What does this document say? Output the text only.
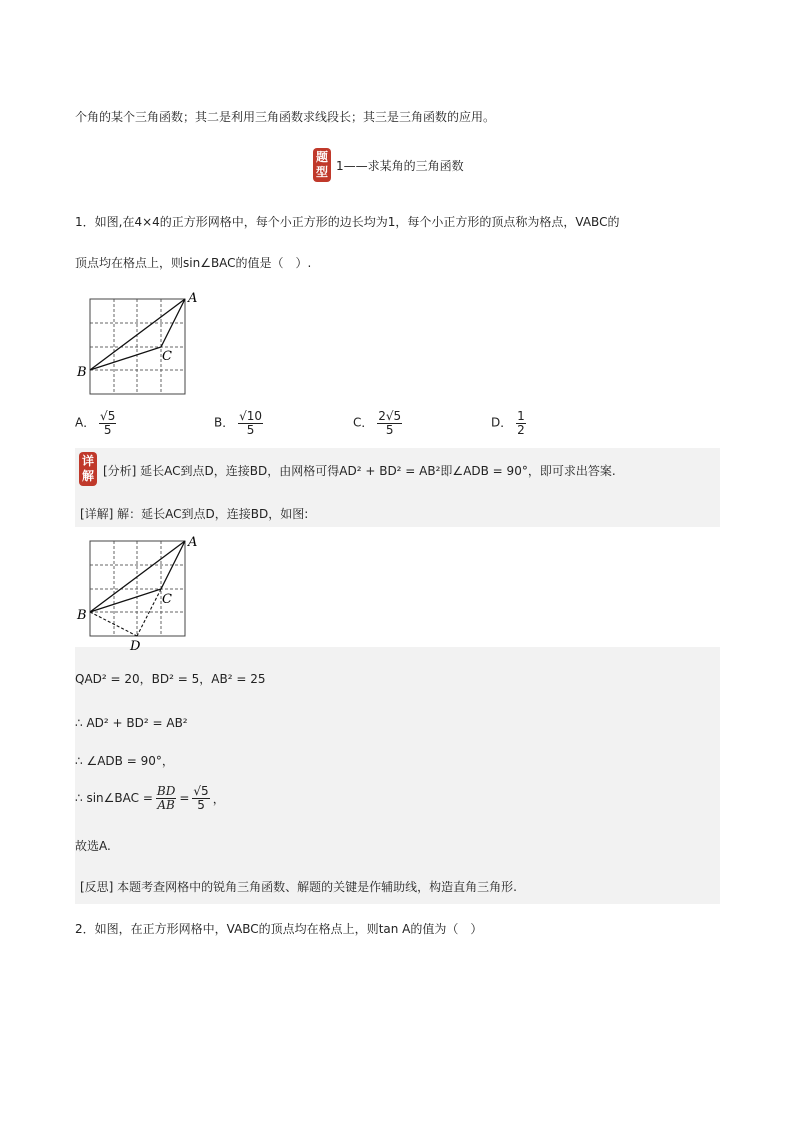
个角的某个三角函数；其二是利用三角函数求线段长；其三是三角函数的应用。
题
型 1——求某角的三角函数
1．如图,在4×4的正方形网格中，每个小正方形的边长均为1，每个小正方形的顶点称为格点，VABC的
顶点均在格点上，则sin∠BAC的值是（　）.
A
B
C
A． $\frac{√5}{5}$	B． $\frac{√10}{5}$	C． $\frac{2√5}{5}$	D． $\frac{1}{2}$
详
解 [分析] 延长AC到点D，连接BD，由网格可得AD² + BD² = AB²即∠ADB = 90°，即可求出答案.
[详解] 解：延长AC到点D，连接BD，如图:
A
B
C
D
QAD² = 20，BD² = 5，AB² = 25
∴ AD² + BD² = AB²
∴ ∠ADB = 90°，
∴ sin∠BAC = $\frac{BD}{AB} = \frac{√5}{5}$ ，
故选A.
[反思] 本题考查网格中的锐角三角函数、解题的关键是作辅助线，构造直角三角形.
2．如图，在正方形网格中，VABC的顶点均在格点上，则tan A的值为（　）
